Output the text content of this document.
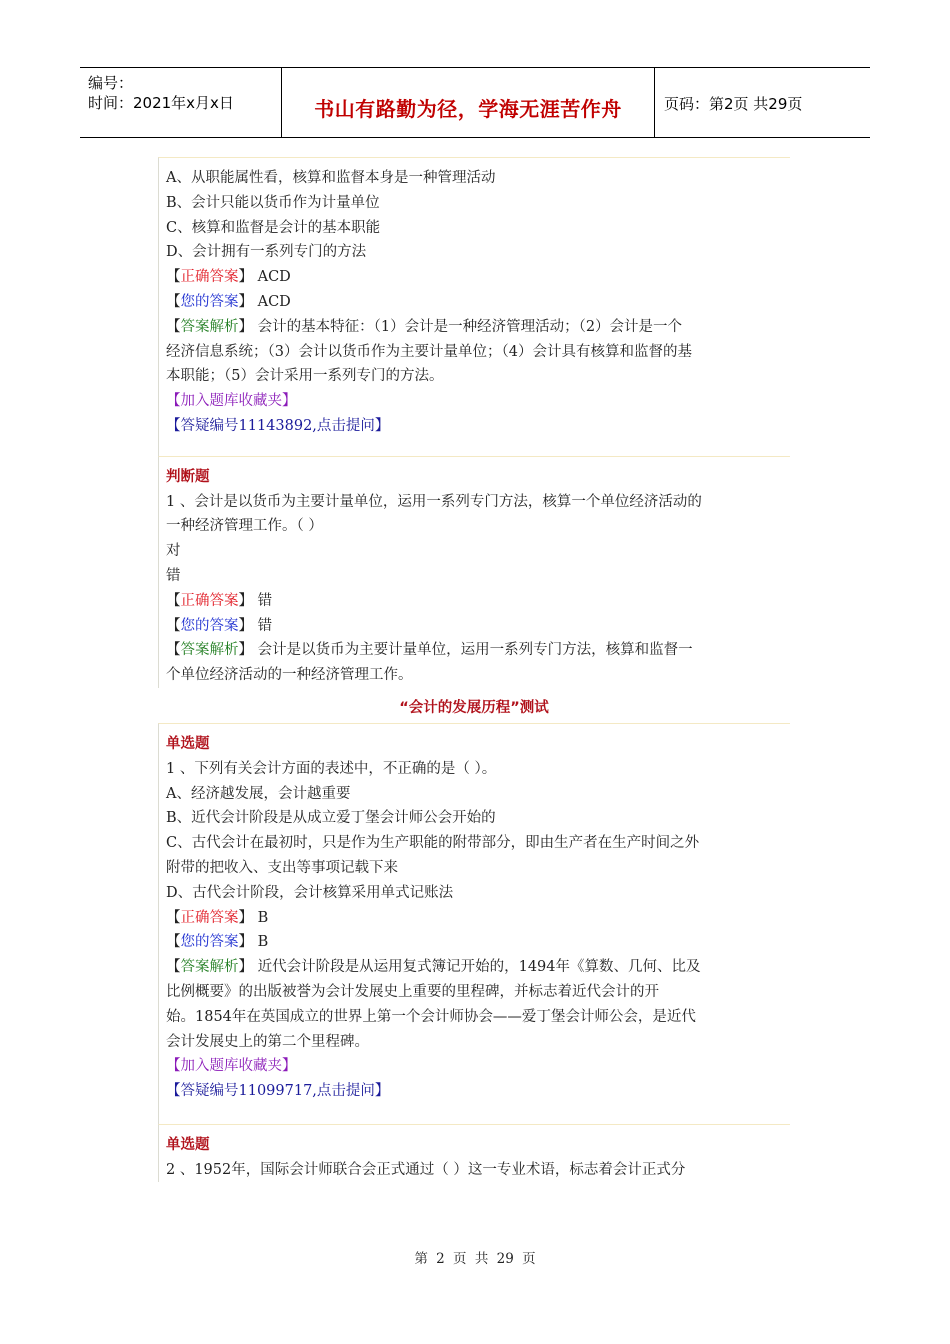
编号：
时间：2021年x月x日	书山有路勤为径，学海无涯苦作舟	页码：第2页 共29页
A、从职能属性看，核算和监督本身是一种管理活动
B、会计只能以货币作为计量单位
C、核算和监督是会计的基本职能
D、会计拥有一系列专门的方法
【正确答案】 ACD
【您的答案】 ACD
【答案解析】 会计的基本特征：（1）会计是一种经济管理活动；（2）会计是一个
经济信息系统；（3）会计以货币作为主要计量单位；（4）会计具有核算和监督的基
本职能；（5）会计采用一系列专门的方法。
【加入题库收藏夹】
【答疑编号11143892,点击提问】
判断题
1 、会计是以货币为主要计量单位，运用一系列专门方法，核算一个单位经济活动的
一种经济管理工作。（ ）
对
错
【正确答案】 错
【您的答案】 错
【答案解析】 会计是以货币为主要计量单位，运用一系列专门方法，核算和监督一
个单位经济活动的一种经济管理工作。
“会计的发展历程”测试
单选题
1 、下列有关会计方面的表述中，不正确的是（ ）。
A、经济越发展，会计越重要
B、近代会计阶段是从成立爱丁堡会计师公会开始的
C、古代会计在最初时，只是作为生产职能的附带部分，即由生产者在生产时间之外
附带的把收入、支出等事项记载下来
D、古代会计阶段，会计核算采用单式记账法
【正确答案】 B
【您的答案】 B
【答案解析】 近代会计阶段是从运用复式簿记开始的，1494年《算数、几何、比及
比例概要》的出版被誉为会计发展史上重要的里程碑，并标志着近代会计的开
始。1854年在英国成立的世界上第一个会计师协会——爱丁堡会计师公会，是近代
会计发展史上的第二个里程碑。
【加入题库收藏夹】
【答疑编号11099717,点击提问】
单选题
2 、1952年，国际会计师联合会正式通过（ ）这一专业术语，标志着会计正式分
第 2 页 共 29 页
